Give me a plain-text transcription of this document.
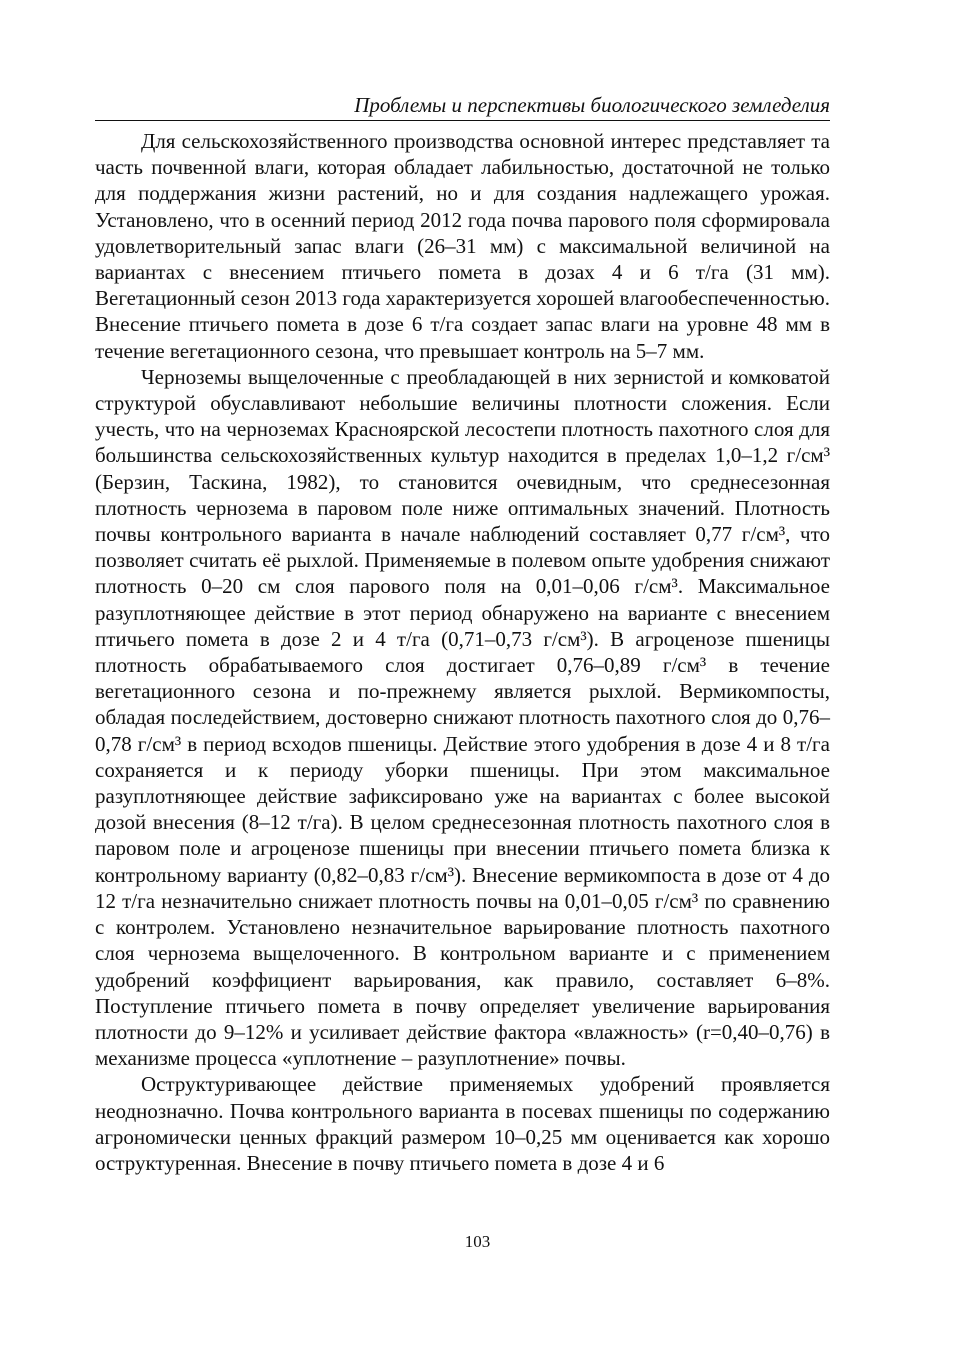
Проблемы и перспективы биологического земледелия

Для сельскохозяйственного производства основной интерес представляет та часть почвенной влаги, которая обладает лабильностью, достаточной не только для поддержания жизни растений, но и для создания надлежащего урожая. Установлено, что в осенний период 2012 года почва парового поля сформировала удовлетворительный запас влаги (26–31 мм) с максимальной величиной на вариантах с внесением птичьего помета в дозах 4 и 6 т/га (31 мм). Вегетационный сезон 2013 года характеризуется хорошей влагообеспеченностью. Внесение птичьего помета в дозе 6 т/га создает запас влаги на уровне 48 мм в течение вегетационного сезона, что превышает контроль на 5–7 мм.

Черноземы выщелоченные с преобладающей в них зернистой и комковатой структурой обуславливают небольшие величины плотности сложения. Если учесть, что на черноземах Красноярской лесостепи плотность пахотного слоя для большинства сельскохозяйственных культур находится в пределах 1,0–1,2 г/см³ (Берзин, Таскина, 1982), то становится очевидным, что среднесезонная плотность чернозема в паровом поле ниже оптимальных значений. Плотность почвы контрольного варианта в начале наблюдений составляет 0,77 г/см³, что позволяет считать её рыхлой. Применяемые в полевом опыте удобрения снижают плотность 0–20 см слоя парового поля на 0,01–0,06 г/см³. Максимальное разуплотняющее действие в этот период обнаружено на варианте с внесением птичьего помета в дозе 2 и 4 т/га (0,71–0,73 г/см³). В агроценозе пшеницы плотность обрабатываемого слоя достигает 0,76–0,89 г/см³ в течение вегетационного сезона и по-прежнему является рыхлой. Вермикомпосты, обладая последействием, достоверно снижают плотность пахотного слоя до 0,76–0,78 г/см³ в период всходов пшеницы. Действие этого удобрения в дозе 4 и 8 т/га сохраняется и к периоду уборки пшеницы. При этом максимальное разуплотняющее действие зафиксировано уже на вариантах с более высокой дозой внесения (8–12 т/га). В целом среднесезонная плотность пахотного слоя в паровом поле и агроценозе пшеницы при внесении птичьего помета близка к контрольному варианту (0,82–0,83 г/см³). Внесение вермикомпоста в дозе от 4 до 12 т/га незначительно снижает плотность почвы на 0,01–0,05 г/см³ по сравнению с контролем. Установлено незначительное варьирование плотность пахотного слоя чернозема выщелоченного. В контрольном варианте и с применением удобрений коэффициент варьирования, как правило, составляет 6–8%. Поступление птичьего помета в почву определяет увеличение варьирования плотности до 9–12% и усиливает действие фактора «влажность» (r=0,40–0,76) в механизме процесса «уплотнение – разуплотнение» почвы.

Оструктуривающее действие применяемых удобрений проявляется неоднозначно. Почва контрольного варианта в посевах пшеницы по содержанию агрономически ценных фракций размером 10–0,25 мм оценивается как хорошо оструктуренная. Внесение в почву птичьего помета в дозе 4 и 6

103
